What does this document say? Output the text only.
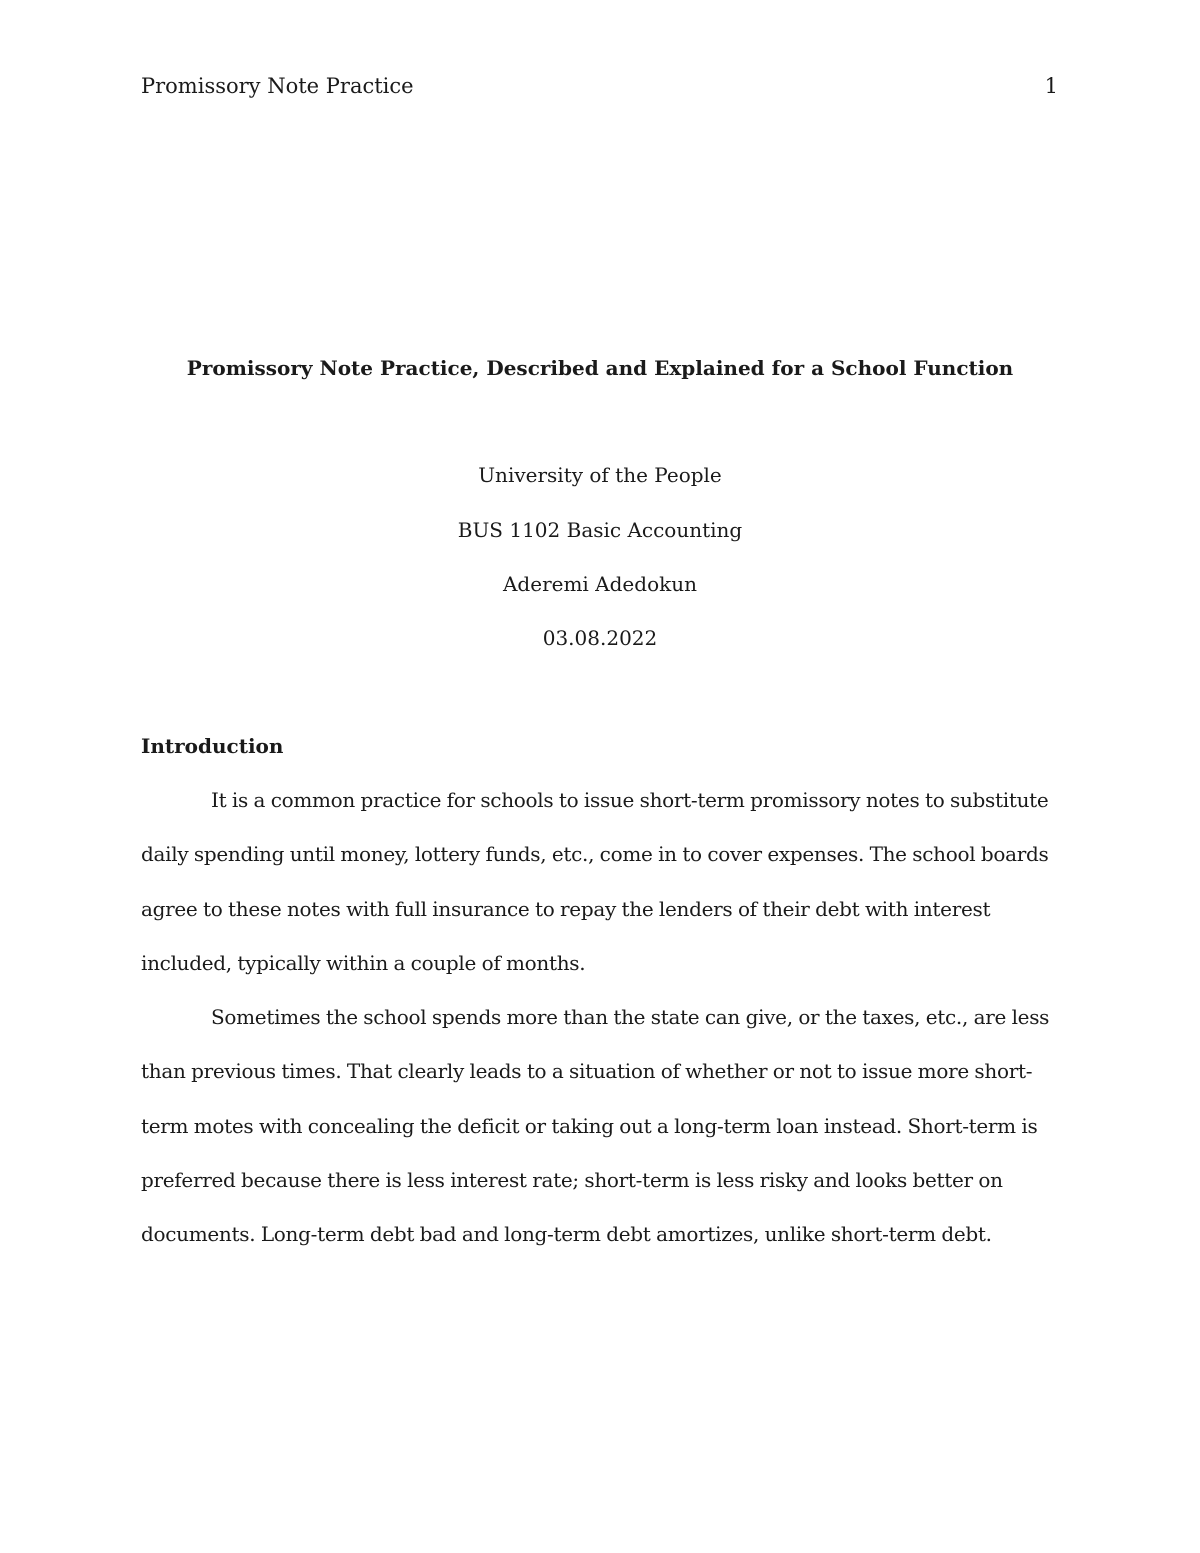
Promissory Note Practice	1
Promissory Note Practice, Described and Explained for a School Function
University of the People
BUS 1102 Basic Accounting
Aderemi Adedokun
03.08.2022
Introduction

It is a common practice for schools to issue short-term promissory notes to substitute daily spending until money, lottery funds, etc., come in to cover expenses. The school boards agree to these notes with full insurance to repay the lenders of their debt with interest included, typically within a couple of months.

Sometimes the school spends more than the state can give, or the taxes, etc., are less than previous times. That clearly leads to a situation of whether or not to issue more short-term motes with concealing the deficit or taking out a long-term loan instead. Short-term is preferred because there is less interest rate; short-term is less risky and looks better on documents. Long-term debt bad and long-term debt amortizes, unlike short-term debt.
